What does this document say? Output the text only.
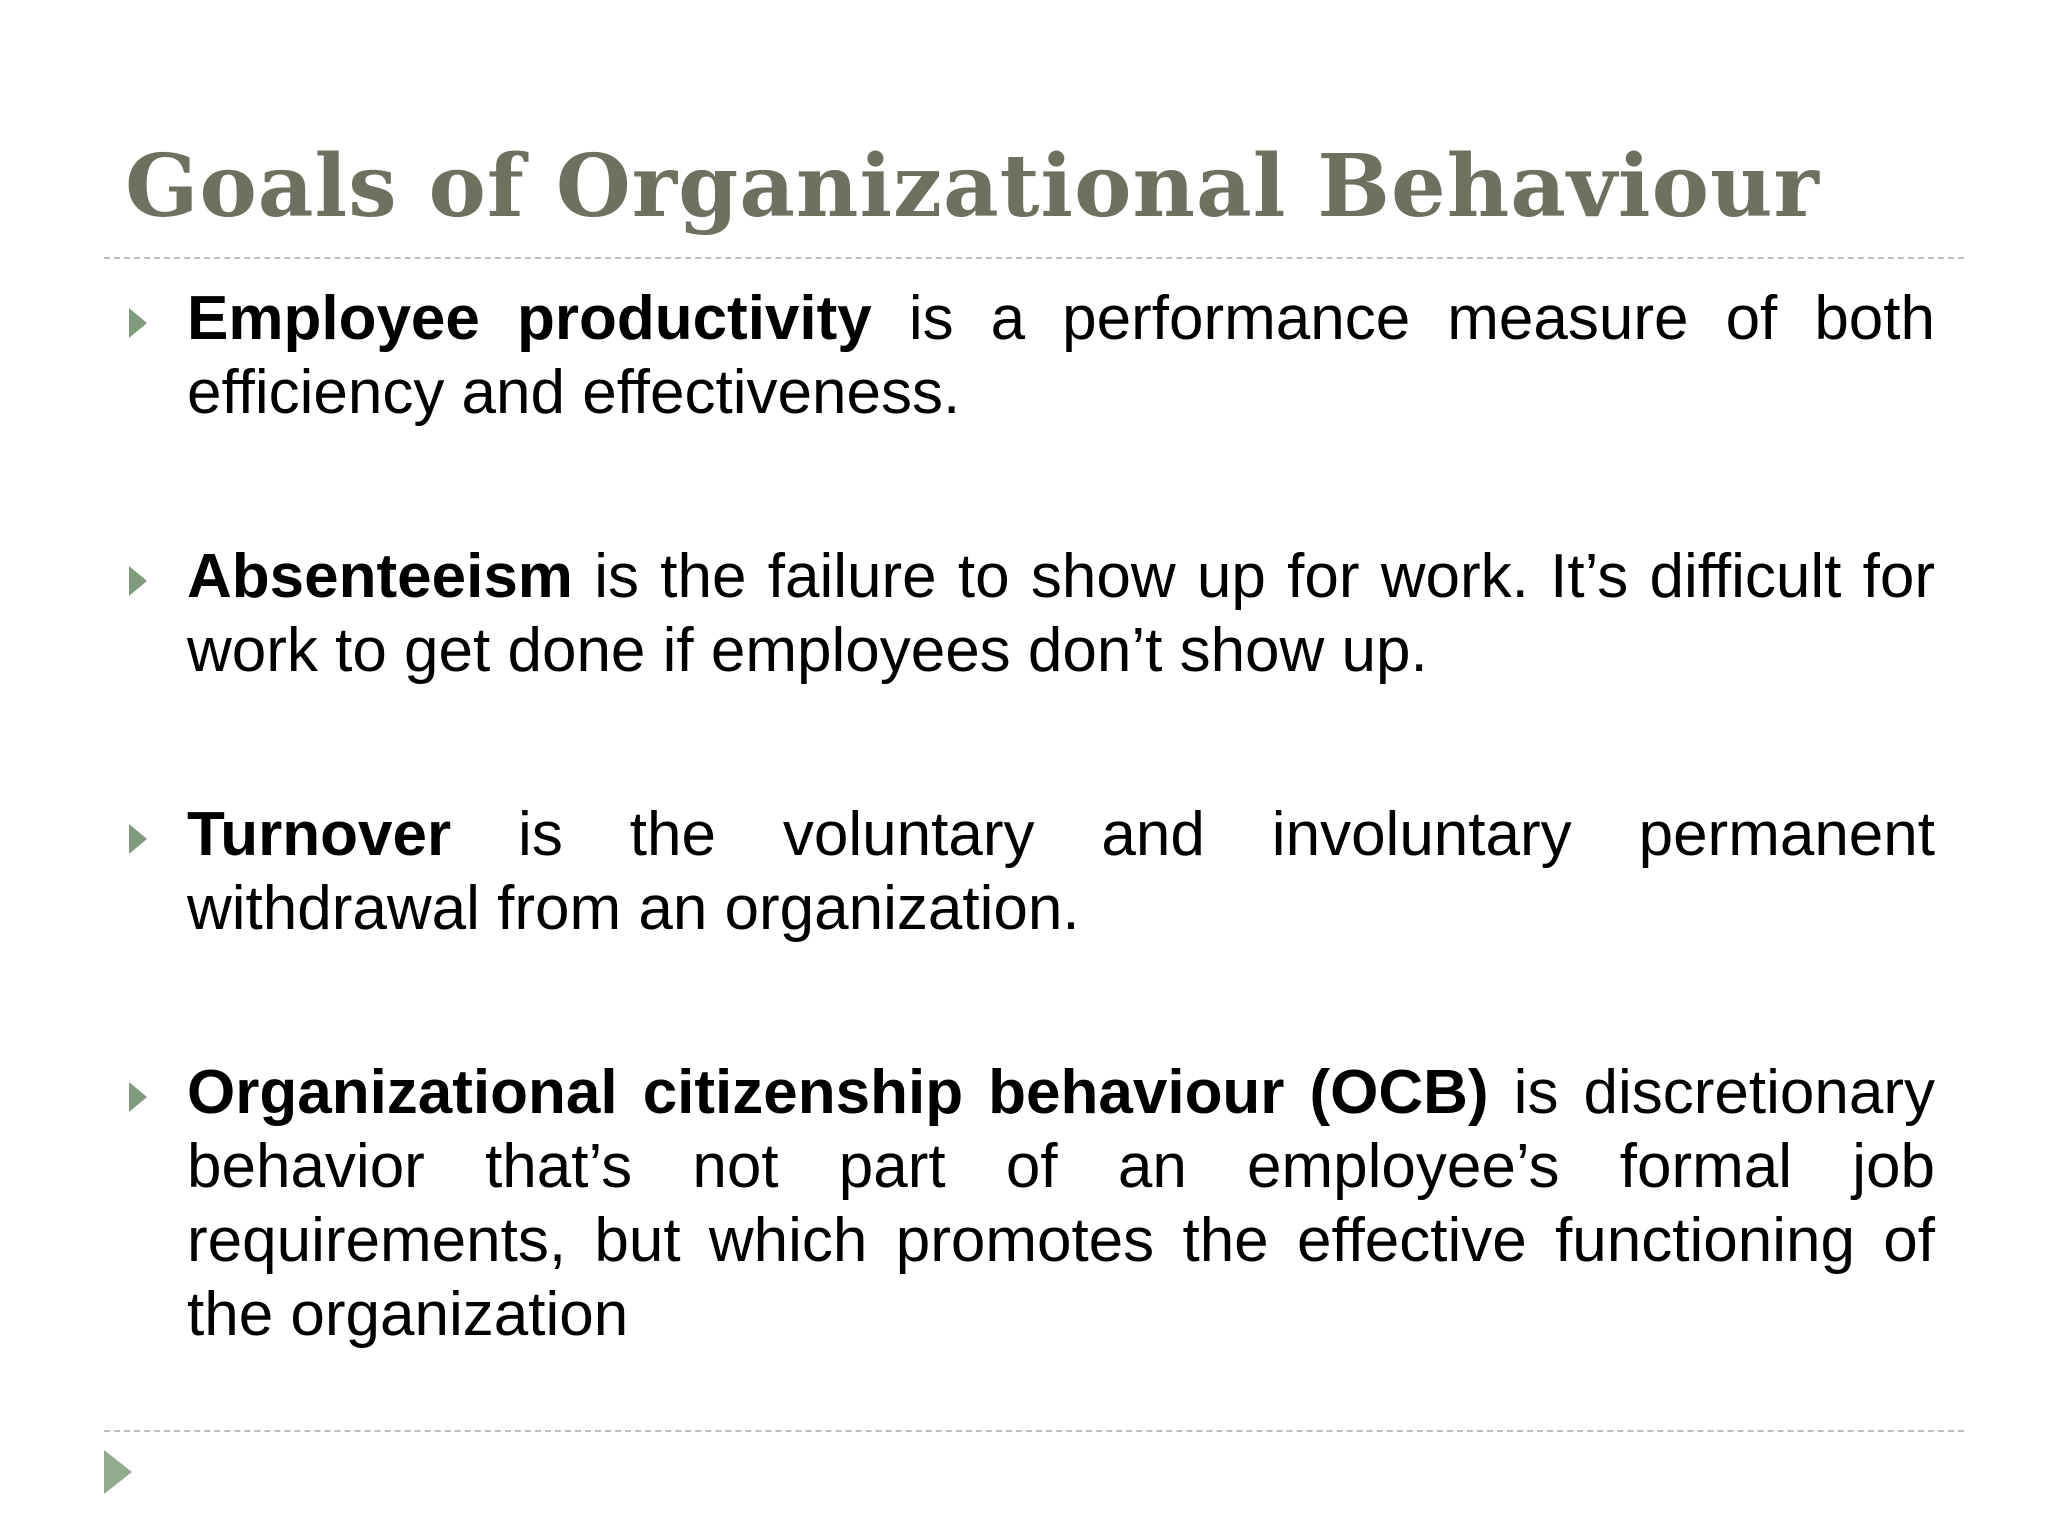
Goals of Organizational Behaviour
Employee productivity is a performance measure of both efficiency and effectiveness.
Absenteeism is the failure to show up for work. It’s difficult for work to get done if employees don’t show up.
Turnover is the voluntary and involuntary permanent withdrawal from an organization.
Organizational citizenship behaviour (OCB) is discretionary behavior that’s not part of an employee’s formal job requirements, but which promotes the effective functioning of the organization
